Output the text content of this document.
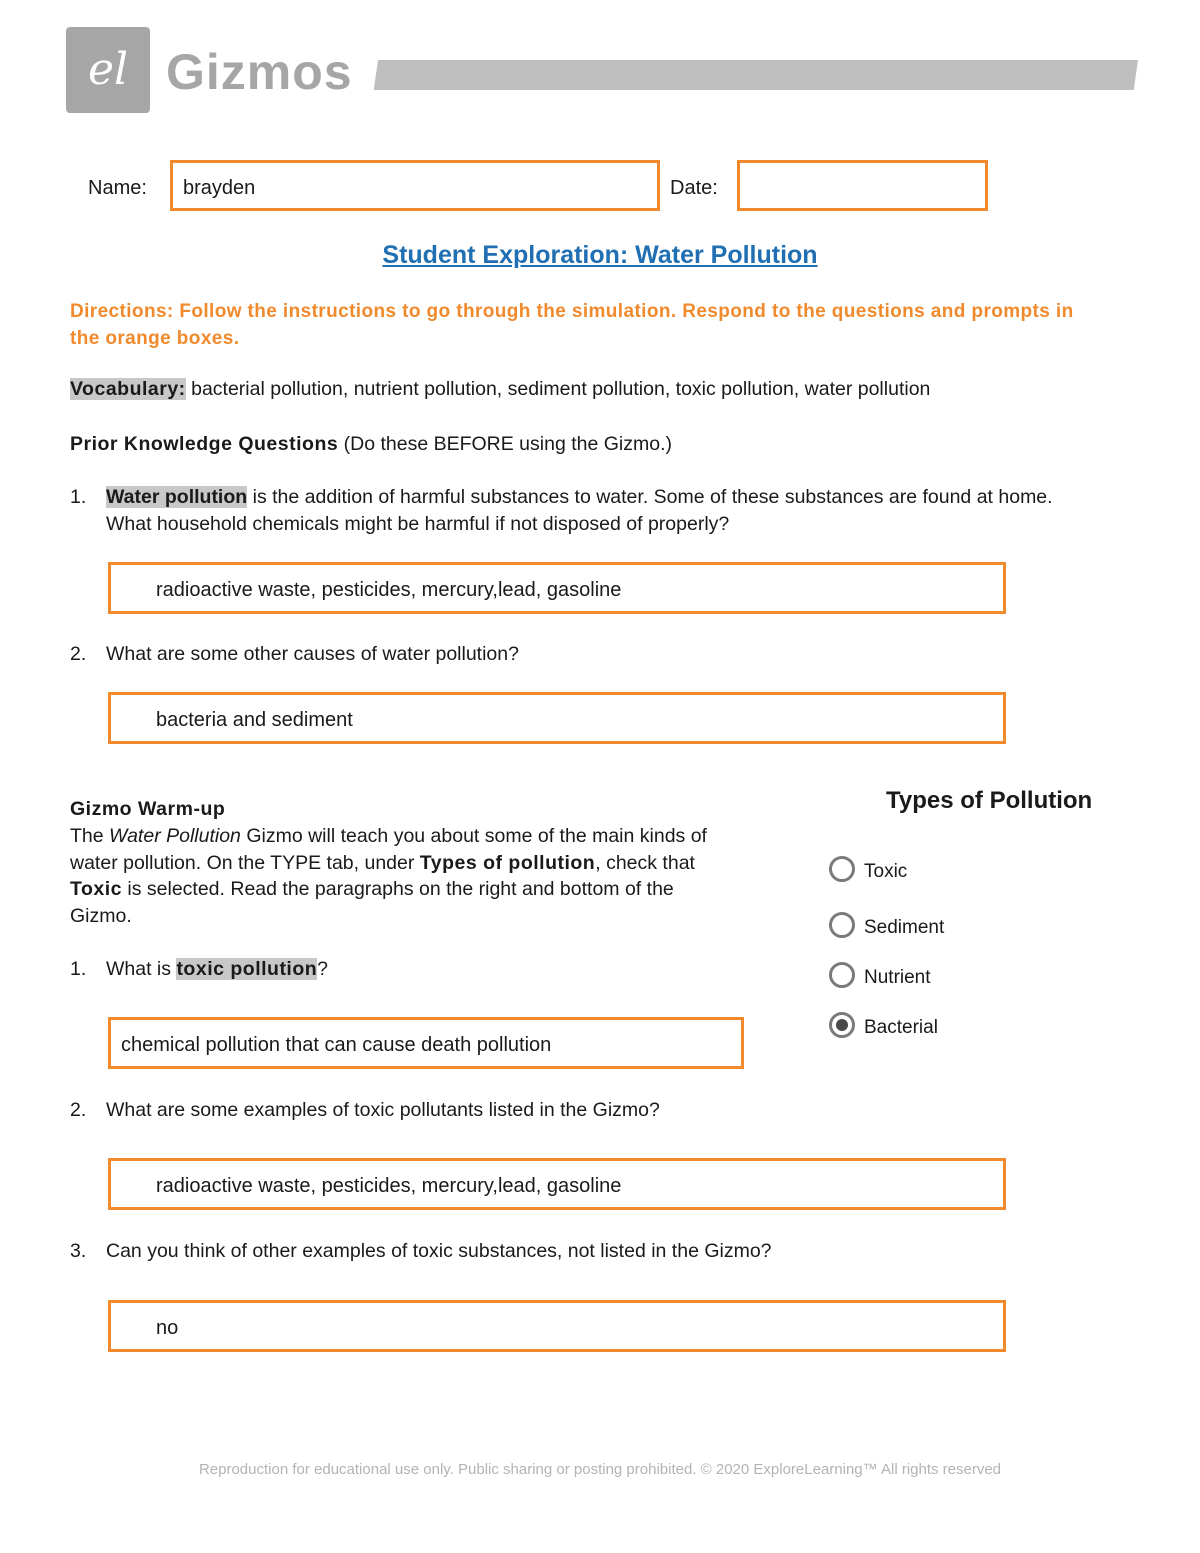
el Gizmos
Name: brayden	Date:
Student Exploration: Water Pollution
Directions: Follow the instructions to go through the simulation. Respond to the questions and prompts in the orange boxes.
Vocabulary: bacterial pollution, nutrient pollution, sediment pollution, toxic pollution, water pollution
Prior Knowledge Questions (Do these BEFORE using the Gizmo.)
1. Water pollution is the addition of harmful substances to water. Some of these substances are found at home. What household chemicals might be harmful if not disposed of properly?
radioactive waste, pesticides, mercury,lead, gasoline
2. What are some other causes of water pollution?
bacteria and sediment
Gizmo Warm-up
The Water Pollution Gizmo will teach you about some of the main kinds of water pollution. On the TYPE tab, under Types of pollution, check that Toxic is selected. Read the paragraphs on the right and bottom of the Gizmo.
1. What is toxic pollution?
chemical pollution that can cause death pollution
2. What are some examples of toxic pollutants listed in the Gizmo?
radioactive waste, pesticides, mercury,lead, gasoline
3. Can you think of other examples of toxic substances, not listed in the Gizmo?
no
Types of Pollution
Toxic
Sediment
Nutrient
Bacterial
Reproduction for educational use only. Public sharing or posting prohibited. © 2020 ExploreLearning™ All rights reserved
